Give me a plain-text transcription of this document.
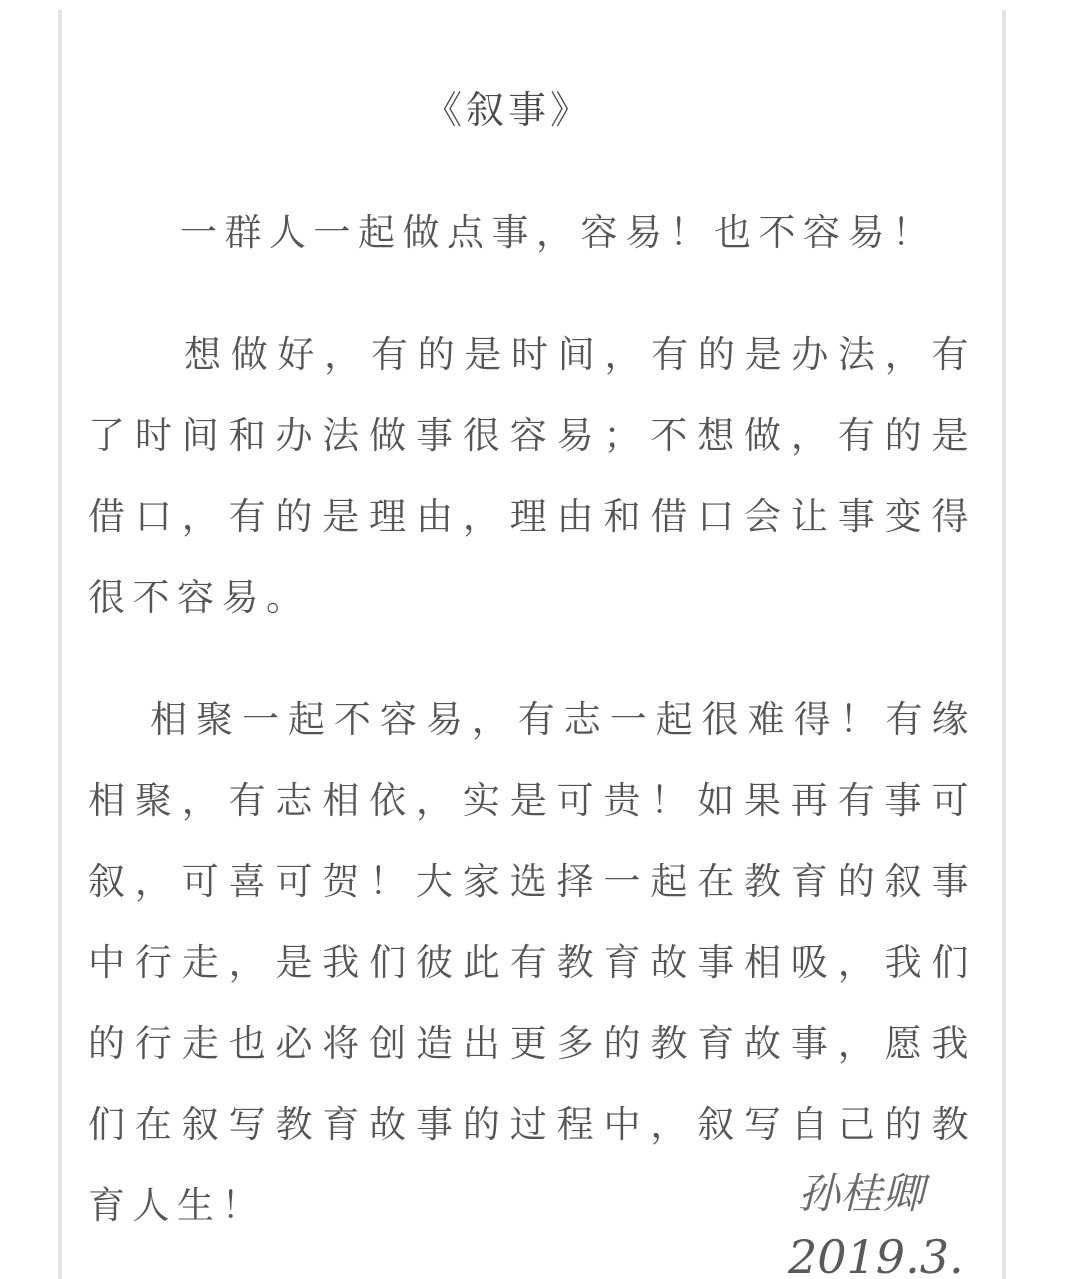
《叙事》
一群人一起做点事，容易！也不容易！
想做好，有的是时间，有的是办法，有了时间和办法做事很容易；不想做，有的是借口，有的是理由，理由和借口会让事变得很不容易。
相聚一起不容易，有志一起很难得！有缘相聚，有志相依，实是可贵！如果再有事可叙，可喜可贺！大家选择一起在教育的叙事中行走，是我们彼此有教育故事相吸，我们的行走也必将创造出更多的教育故事，愿我们在叙写教育故事的过程中，叙写自己的教育人生！	孙桂卿
2019.3.
